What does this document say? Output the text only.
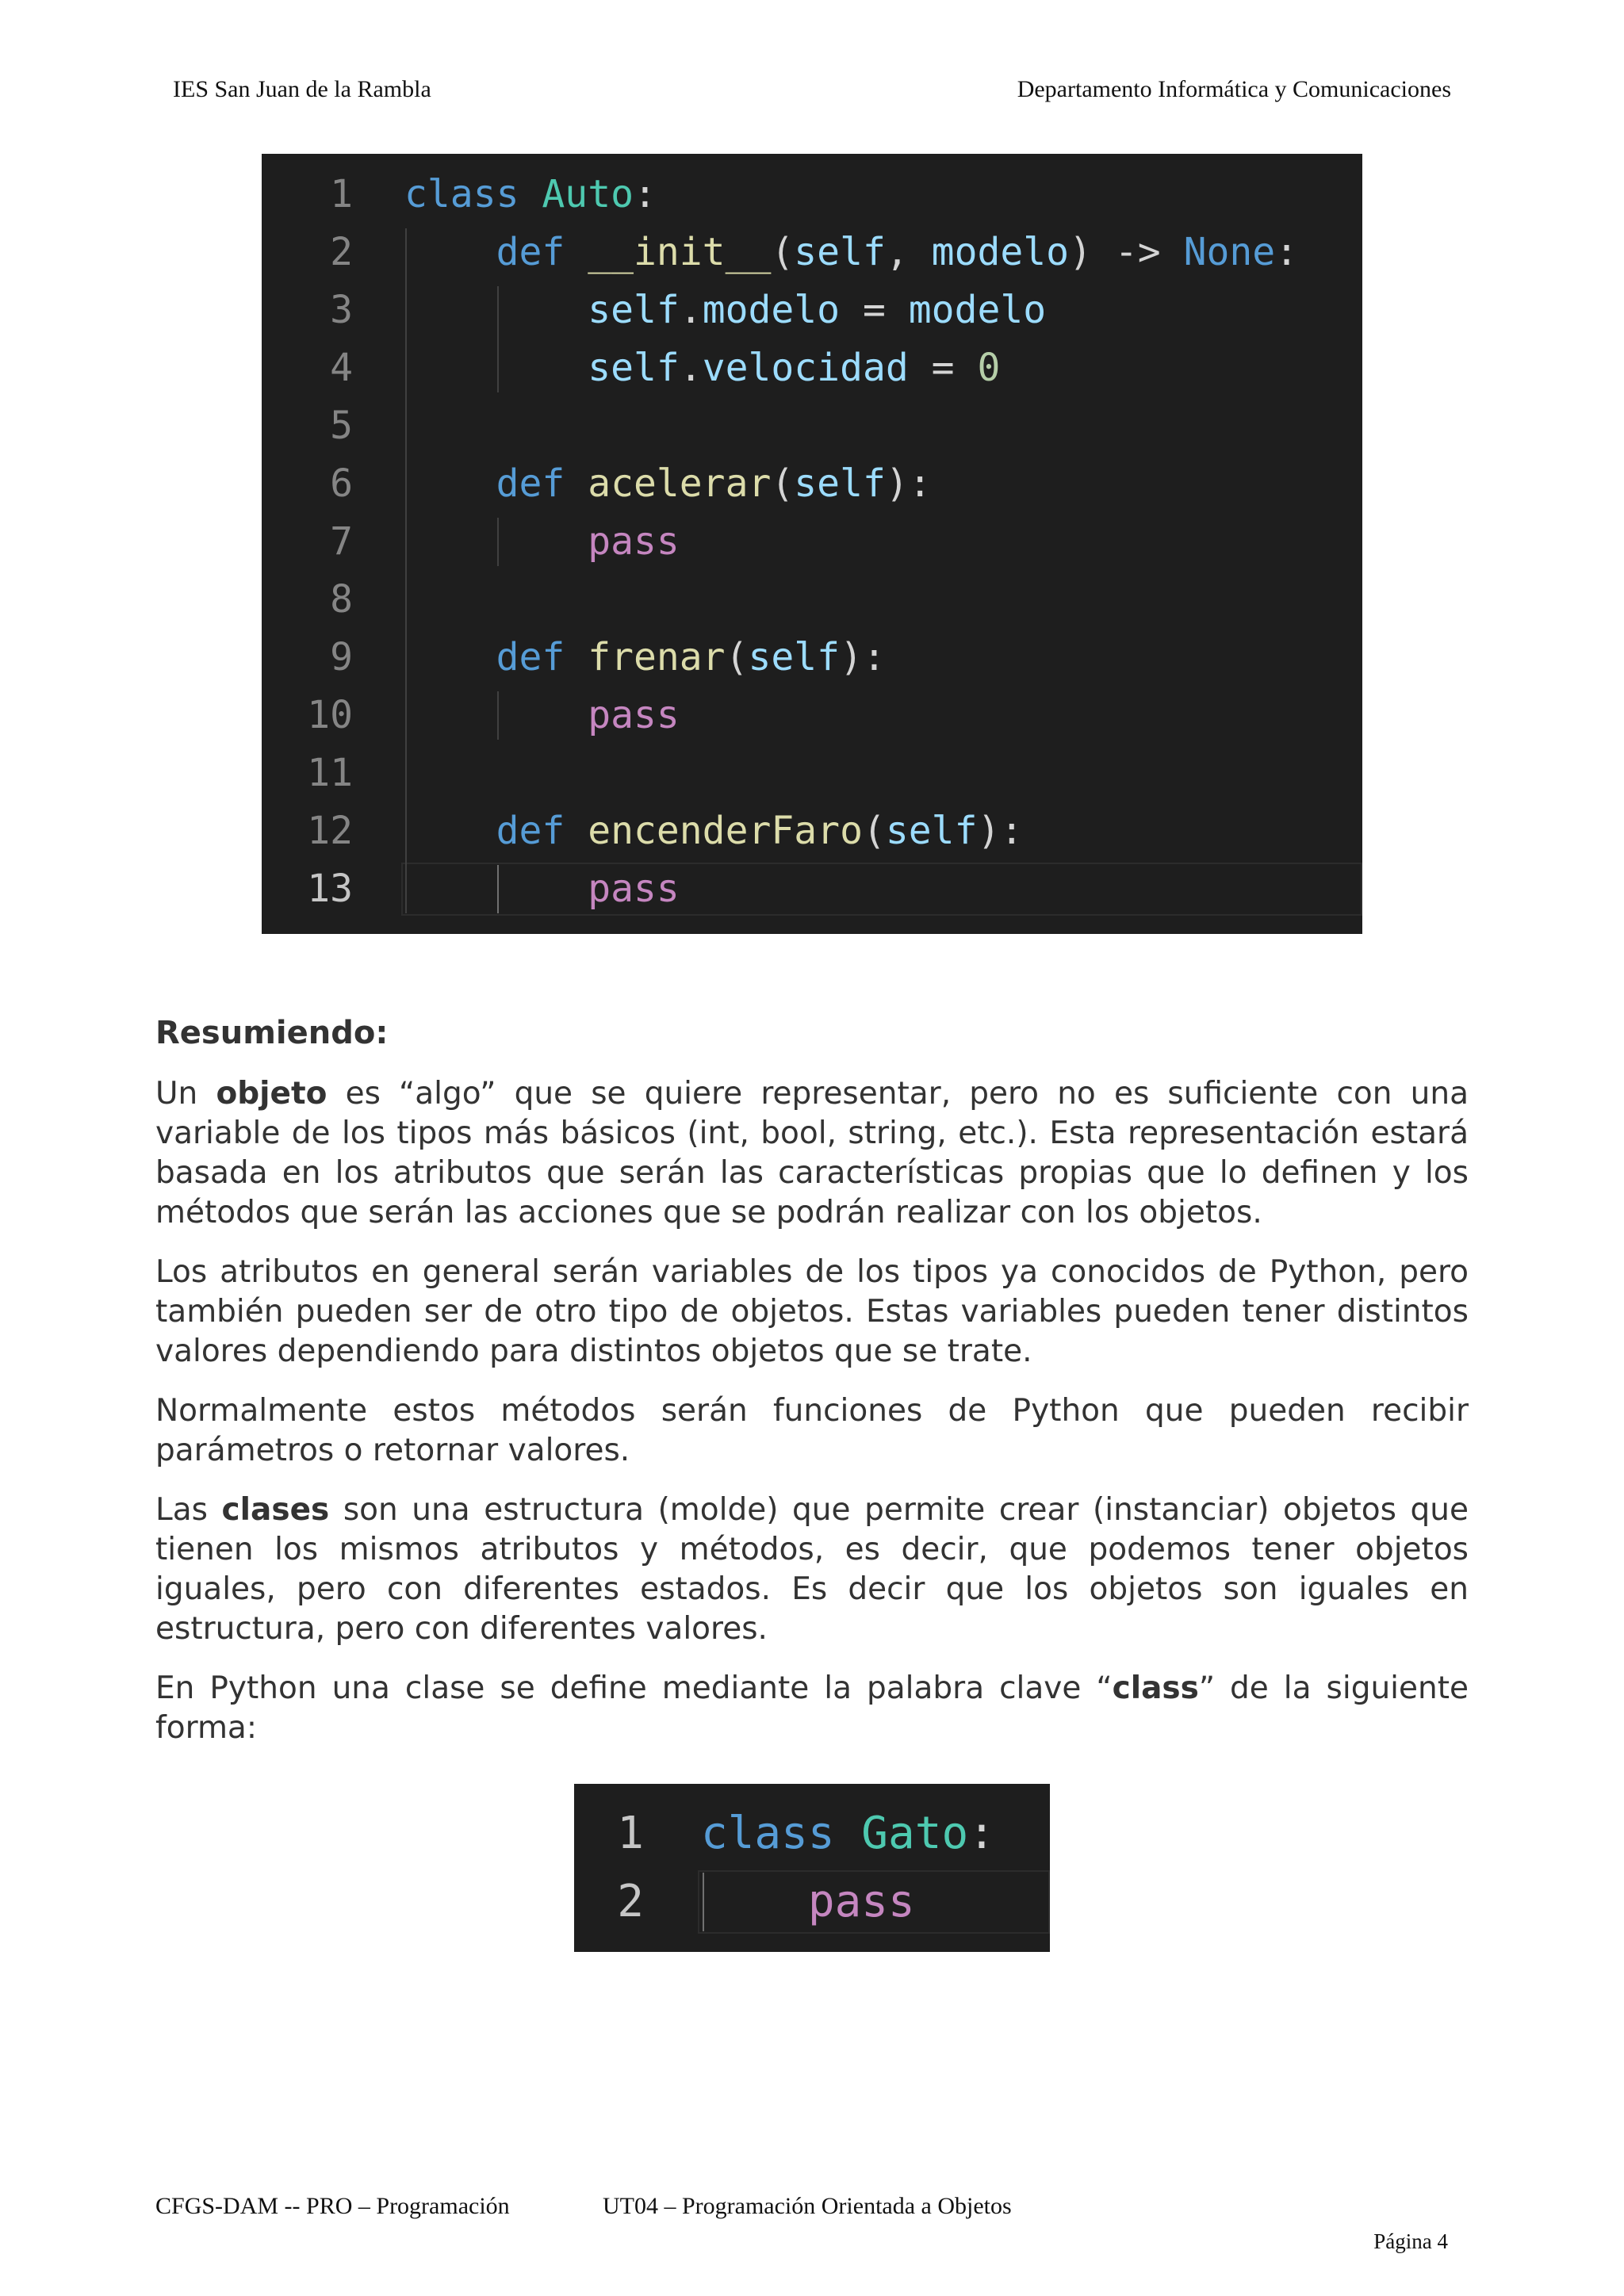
IES San Juan de la Rambla	Departamento Informática y Comunicaciones
1 class Auto:
2	def __init__(self, modelo) -> None:
3	self.modelo = modelo
4	self.velocidad = 0
5
6	def acelerar(self):
7	pass
8
9	def frenar(self):
10	pass
11
12	def encenderFaro(self):
13	pass
Resumiendo:

Un objeto es “algo” que se quiere representar, pero no es suficiente con una variable de los tipos más básicos (int, bool, string, etc.). Esta representación estará basada en los atributos que serán las características propias que lo definen y los métodos que serán las acciones que se podrán realizar con los objetos.

Los atributos en general serán variables de los tipos ya conocidos de Python, pero también pueden ser de otro tipo de objetos. Estas variables pueden tener distintos valores dependiendo para distintos objetos que se trate.

Normalmente estos métodos serán funciones de Python que pueden recibir parámetros o retornar valores.

Las clases son una estructura (molde) que permite crear (instanciar) objetos que tienen los mismos atributos y métodos, es decir, que podemos tener objetos iguales, pero con diferentes estados. Es decir que los objetos son iguales en estructura, pero con diferentes valores.

En Python una clase se define mediante la palabra clave “class” de la siguiente forma:

1 class Gato:
2	pass
CFGS-DAM -- PRO – Programación	UT04 – Programación Orientada a Objetos
Página 4
